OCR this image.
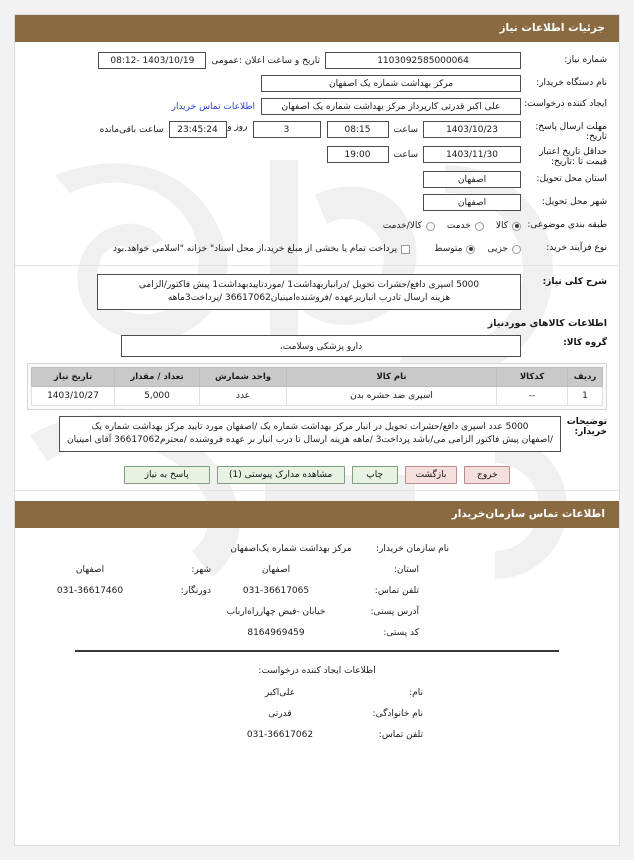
جزئیات اطلاعات نیاز
شماره نیاز:
1103092585000064
تاریخ و ساعت اعلان :عمومی
1403/10/19 -08:12
نام دستگاه خریدار:
مرکز بهداشت شماره یک اصفهان
ایجاد کننده درخواست:
علی اکبر قدرتی کارپرداز مرکز بهداشت شماره یک اصفهان
اطلاعات تماس خریدار
مهلت ارسال پاسخ: تاریخ:
1403/10/23
ساعت
08:15
3
روز و
23:45:24
ساعت باقی‌مانده
حداقل تاریخ اعتبار قیمت تا :تاریخ:
1403/11/30
ساعت
19:00
استان محل تحویل:
اصفهان
شهر محل تحویل:
اصفهان
طبقه بندی موضوعی:
کالا
خدمت
کالا/خدمت
نوع فرآیند خرید:
جزیی
متوسط
پرداخت تمام یا بخشی از مبلغ خرید،از محل اسناد" خزانه "اسلامی خواهد.بود
شرح کلی نیاز:
5000 اسپری دافع/حشرات تحویل /درانباربهداشت1 /موردتاییدبهداشت1 پیش فاکتور/الزامی
هزینه ارسال تادرب انباربرعهده /فروشنده‌امینیان36617062 /پرداخت3ماهه
اطلاعات کالاهای موردنیاز
گروه کالا:
دارو پزشکی وسلامت،
ردیف	کدکالا	نام کالا	واحد شمارش	تعداد / مقدار	تاریخ نیاز
1	--	اسپری ضد حشره بدن	عدد	5,000	1403/10/27
توضیحات خریدار:
5000 عدد اسپری دافع/حشرات تحویل در انبار مرکز بهداشت شماره یک /اصفهان مورد تایید مرکز بهداشت شماره یک
/اصفهان پیش فاکتور الزامی می/باشد پرداخت3 /ماهه هزینه ارسال تا درب انبار بر عهده فروشنده /محترم36617062 آقای امینیان
خروج
بازگشت
چاپ
مشاهده مدارک پیوستی (1)
پاسخ به نیاز
اطلاعات تماس سازمان‌خریدار
نام سازمان خریدار:
مرکز بهداشت شماره یک‌اصفهان
استان:
اصفهان
شهر:
اصفهان
تلفن تماس:
031-36617065
دورنگار:
031-36617460
آدرس پستی:
خیابان -فیض چهارراه‌ارباب
کد پستی:
8164969459
اطلاعات ایجاد کننده درخواست:
نام:
علی‌اکبر
نام خانوادگی:
قدرتی
تلفن تماس:
031-36617062
